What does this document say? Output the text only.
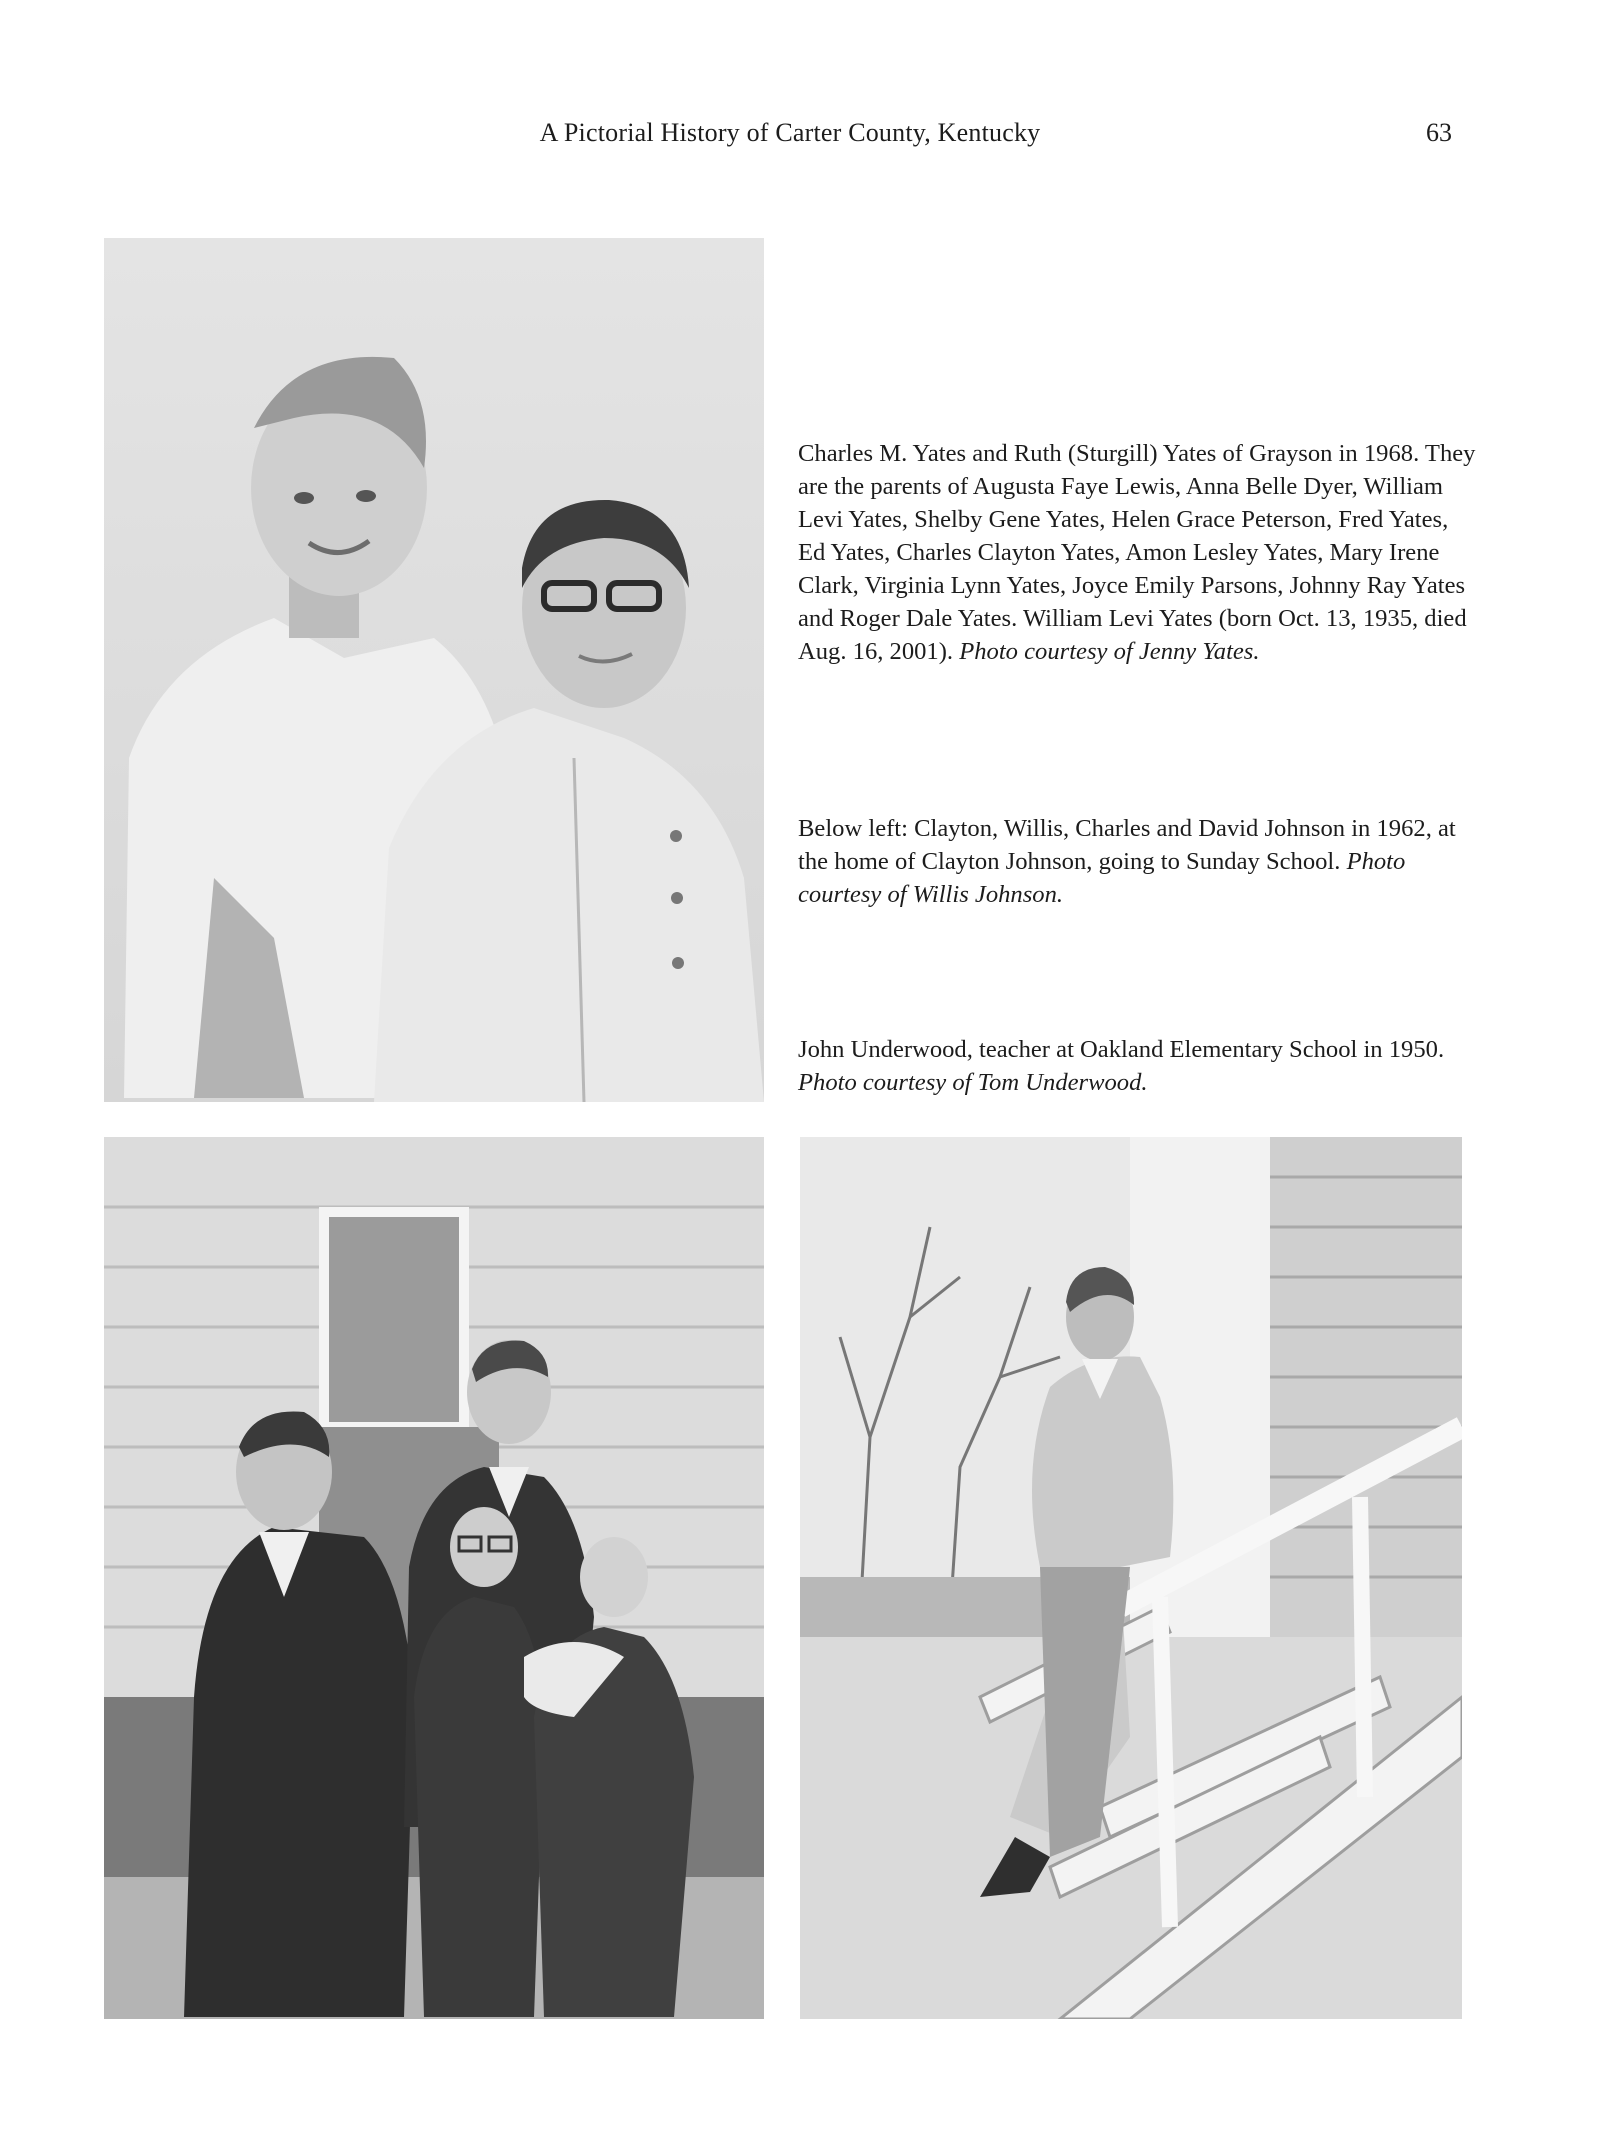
A Pictorial History of Carter County, Kentucky	63
Charles M. Yates and Ruth (Sturgill) Yates of Grayson in 1968. They are the parents of Augusta Faye Lewis, Anna Belle Dyer, William Levi Yates, Shelby Gene Yates, Helen Grace Peterson, Fred Yates, Ed Yates, Charles Clayton Yates, Amon Lesley Yates, Mary Irene Clark, Virginia Lynn Yates, Joyce Emily Parsons, Johnny Ray Yates and Roger Dale Yates. William Levi Yates (born Oct. 13, 1935, died Aug. 16, 2001). Photo courtesy of Jenny Yates.
Below left: Clayton, Willis, Charles and David Johnson in 1962, at the home of Clayton Johnson, going to Sunday School. Photo courtesy of Willis Johnson.
John Underwood, teacher at Oakland Elementary School in 1950. Photo courtesy of Tom Underwood.
